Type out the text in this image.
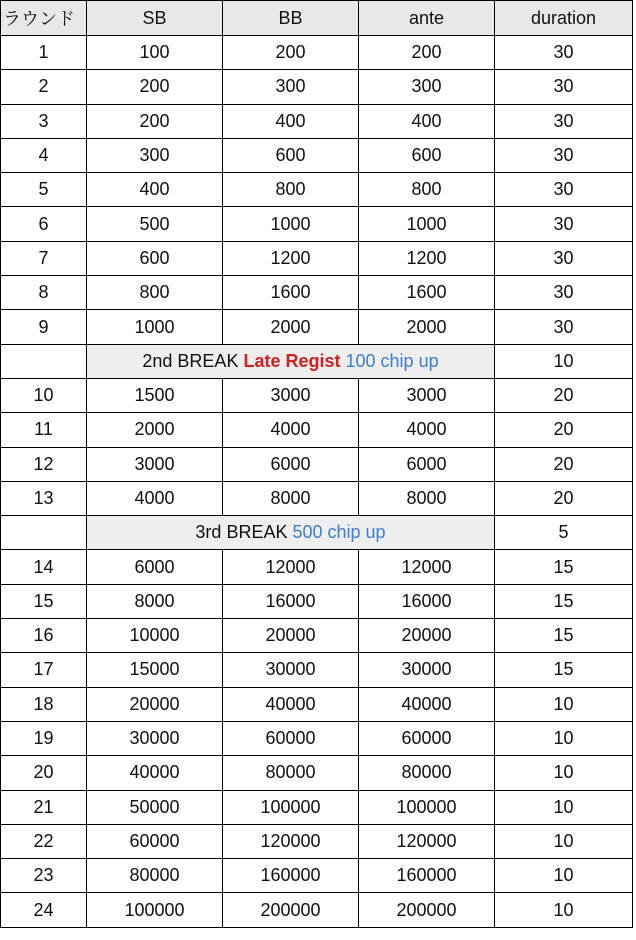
ラウンド	SB	BB	ante	duration
1	100	200	200	30
2	200	300	300	30
3	200	400	400	30
4	300	600	600	30
5	400	800	800	30
6	500	1000	1000	30
7	600	1200	1200	30
8	800	1600	1600	30
9	1000	2000	2000	30
	2nd BREAK Late Regist 100 chip up			10
10	1500	3000	3000	20
11	2000	4000	4000	20
12	3000	6000	6000	20
13	4000	8000	8000	20
	3rd BREAK 500 chip up			5
14	6000	12000	12000	15
15	8000	16000	16000	15
16	10000	20000	20000	15
17	15000	30000	30000	15
18	20000	40000	40000	10
19	30000	60000	60000	10
20	40000	80000	80000	10
21	50000	100000	100000	10
22	60000	120000	120000	10
23	80000	160000	160000	10
24	100000	200000	200000	10
